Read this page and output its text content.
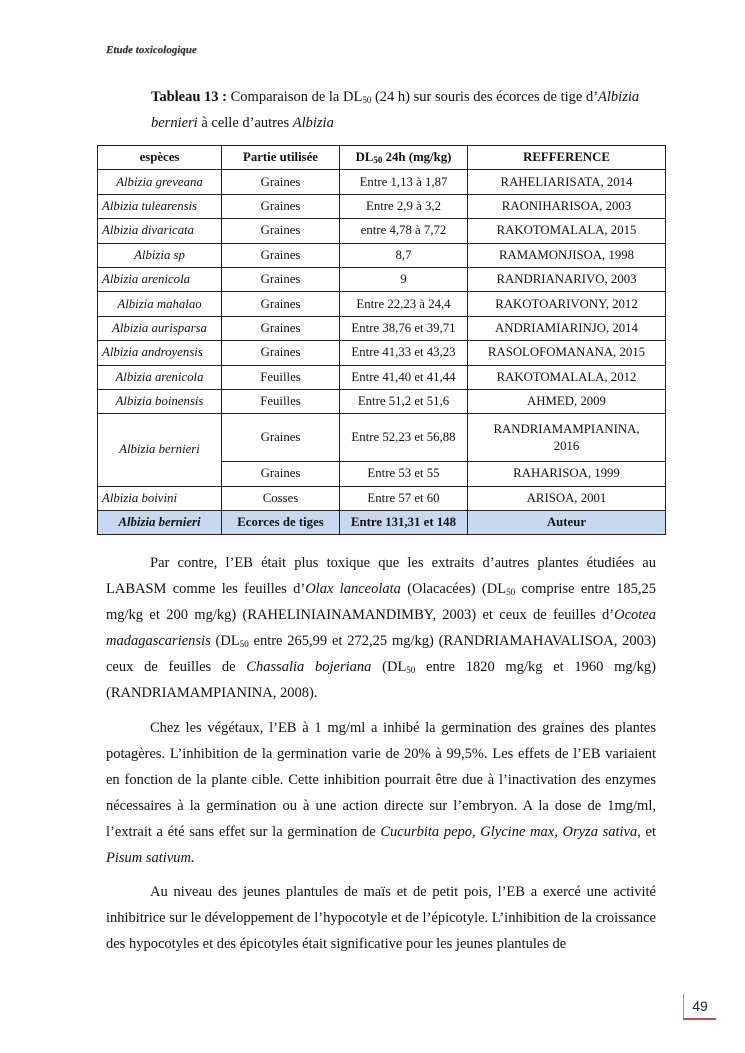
Etude toxicologique
Tableau 13 : Comparaison de la $DL_{50}$ (24 h) sur souris des écorces de tige d’Albizia bernieri à celle d’autres Albizia
espèces	Partie utilisée	$DL_{50}$ 24h (mg/kg)	REFFERENCE
Albizia greveana	Graines	Entre 1,13 à 1,87	RAHELIARISATA, 2014
Albizia tulearensis	Graines	Entre 2,9 à 3,2	RAONIHARISOA, 2003
Albizia divaricata	Graines	entre 4,78 à 7,72	RAKOTOMALALA, 2015
Albizia sp	Graines	8,7	RAMAMONJISOA, 1998
Albizia arenicola	Graines	9	RANDRIANARIVO, 2003
Albizia mahalao	Graines	Entre 22,23 à 24,4	RAKOTOARIVONY, 2012
Albizia aurisparsa	Graines	Entre 38,76 et 39,71	ANDRIAMIARINJO, 2014
Albizia androyensis	Graines	Entre 41,33 et 43,23	RASOLOFOMANANA, 2015
Albizia arenicola	Feuilles	Entre 41,40 et 41,44	RAKOTOMALALA, 2012
Albizia boinensis	Feuilles	Entre 51,2 et 51,6	AHMED, 2009
Albizia bernieri	Graines	Entre 52,23 et 56,88	RANDRIAMAMPIANINA,
2016

	Graines	Entre 53 et 55	RAHARISOA, 1999
Albizia boivini	Cosses	Entre 57 et 60	ARISOA, 2001
Albizia bernieri	Ecorces de tiges	Entre 131,31 et 148	Auteur

Par contre, l’EB était plus toxique que les extraits d’autres plantes étudiées au LABASM comme les feuilles d’Olax lanceolata (Olacacées) ($DL_{50}$ comprise entre 185,25 mg/kg et 200 mg/kg) (RAHELINIAINAMANDIMBY, 2003) et ceux de feuilles d’Ocotea madagascariensis ($DL_{50}$ entre 265,99 et 272,25 mg/kg) (RANDRIAMAHAVALISOA, 2003) ceux de feuilles de Chassalia bojeriana ($DL_{50}$ entre 1820 mg/kg et 1960 mg/kg) (RANDRIAMAMPIANINA, 2008).

Chez les végétaux, l’EB à 1 mg/ml a inhibé la germination des graines des plantes potagères. L’inhibition de la germination varie de 20% à 99,5%. Les effets de l’EB variaient en fonction de la plante cible. Cette inhibition pourrait être due à l’inactivation des enzymes nécessaires à la germination ou à une action directe sur l’embryon. A la dose de 1mg/ml, l’extrait a été sans effet sur la germination de Cucurbita pepo, Glycine max, Oryza sativa, et Pisum sativum.

Au niveau des jeunes plantules de maïs et de petit pois, l’EB a exercé une activité inhibitrice sur le développement de l’hypocotyle et de l’épicotyle. L’inhibition de la croissance des hypocotyles et des épicotyles était significative pour les jeunes plantules de

49
